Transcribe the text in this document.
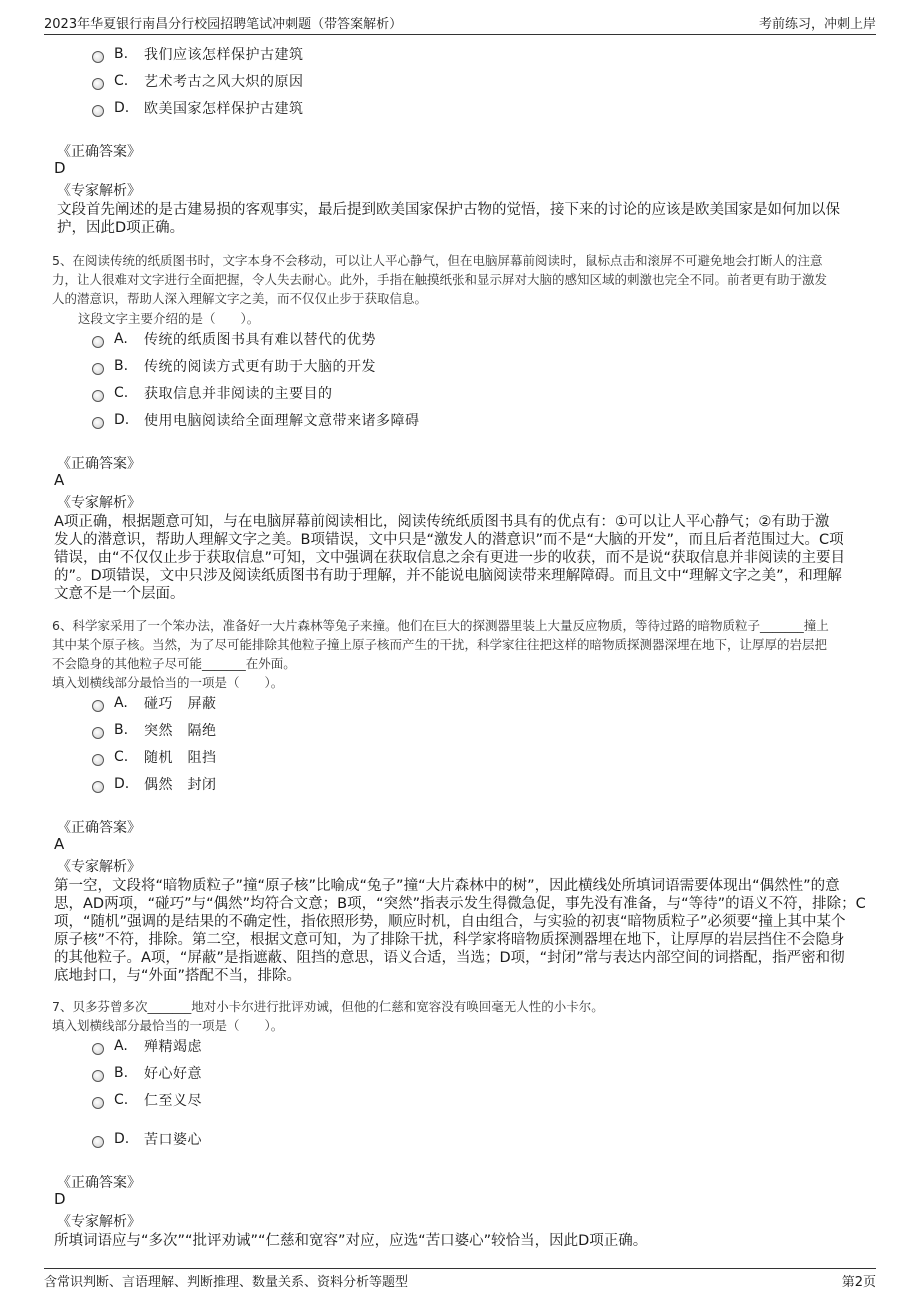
2023年华夏银行南昌分行校园招聘笔试冲刺题（带答案解析）	考前练习，冲刺上岸
B.	我们应该怎样保护古建筑
C.	艺术考古之风大炽的原因
D.	欧美国家怎样保护古建筑
《正确答案》
D
《专家解析》
文段首先阐述的是古建易损的客观事实，最后提到欧美国家保护古物的觉悟，接下来的讨论的应该是欧美国家是如何加以保
护，因此D项正确。
5、在阅读传统的纸质图书时，文字本身不会移动，可以让人平心静气，但在电脑屏幕前阅读时，鼠标点击和滚屏不可避免地会打断人的注意
力，让人很难对文字进行全面把握，令人失去耐心。此外，手指在触摸纸张和显示屏对大脑的感知区域的刺激也完全不同。前者更有助于激发
人的潜意识，帮助人深入理解文字之美，而不仅仅止步于获取信息。
这段文字主要介绍的是（　　）。
A.	传统的纸质图书具有难以替代的优势
B.	传统的阅读方式更有助于大脑的开发
C.	获取信息并非阅读的主要目的
D.	使用电脑阅读给全面理解文意带来诸多障碍
《正确答案》
A
《专家解析》
A项正确，根据题意可知，与在电脑屏幕前阅读相比，阅读传统纸质图书具有的优点有：①可以让人平心静气；②有助于激
发人的潜意识，帮助人理解文字之美。B项错误，文中只是“激发人的潜意识”而不是“大脑的开发”，而且后者范围过大。C项
错误，由“不仅仅止步于获取信息”可知，文中强调在获取信息之余有更进一步的收获，而不是说“获取信息并非阅读的主要目
的”。D项错误，文中只涉及阅读纸质图书有助于理解，并不能说电脑阅读带来理解障碍。而且文中“理解文字之美”，和理解
文意不是一个层面。
6、科学家采用了一个笨办法，准备好一大片森林等兔子来撞。他们在巨大的探测器里装上大量反应物质，等待过路的暗物质粒子_______撞上
其中某个原子核。当然，为了尽可能排除其他粒子撞上原子核而产生的干扰，科学家往往把这样的暗物质探测器深埋在地下，让厚厚的岩层把
不会隐身的其他粒子尽可能_______在外面。
填入划横线部分最恰当的一项是（　　）。
A.	碰巧　屏蔽
B.	突然　隔绝
C.	随机　阻挡
D.	偶然　封闭
《正确答案》
A
《专家解析》
第一空，文段将“暗物质粒子”撞“原子核”比喻成“兔子”撞“大片森林中的树”，因此横线处所填词语需要体现出“偶然性”的意
思，AD两项，“碰巧”与“偶然”均符合文意；B项，“突然”指表示发生得微急促，事先没有准备，与“等待”的语义不符，排除；C
项，“随机”强调的是结果的不确定性，指依照形势，顺应时机，自由组合，与实验的初衷“暗物质粒子”必须要“撞上其中某个
原子核”不符，排除。第二空，根据文意可知，为了排除干扰，科学家将暗物质探测器埋在地下，让厚厚的岩层挡住不会隐身
的其他粒子。A项，“屏蔽”是指遮蔽、阻挡的意思，语义合适，当选；D项，“封闭”常与表达内部空间的词搭配，指严密和彻
底地封口，与“外面”搭配不当，排除。
7、贝多芬曾多次_______地对小卡尔进行批评劝诫，但他的仁慈和宽容没有唤回毫无人性的小卡尔。
填入划横线部分最恰当的一项是（　　）。
A.	殚精竭虑
B.	好心好意
C.	仁至义尽
D.	苦口婆心
《正确答案》
D
《专家解析》
所填词语应与“多次”“批评劝诫”“仁慈和宽容”对应，应选“苦口婆心”较恰当，因此D项正确。
含常识判断、言语理解、判断推理、数量关系、资料分析等题型	第2页
